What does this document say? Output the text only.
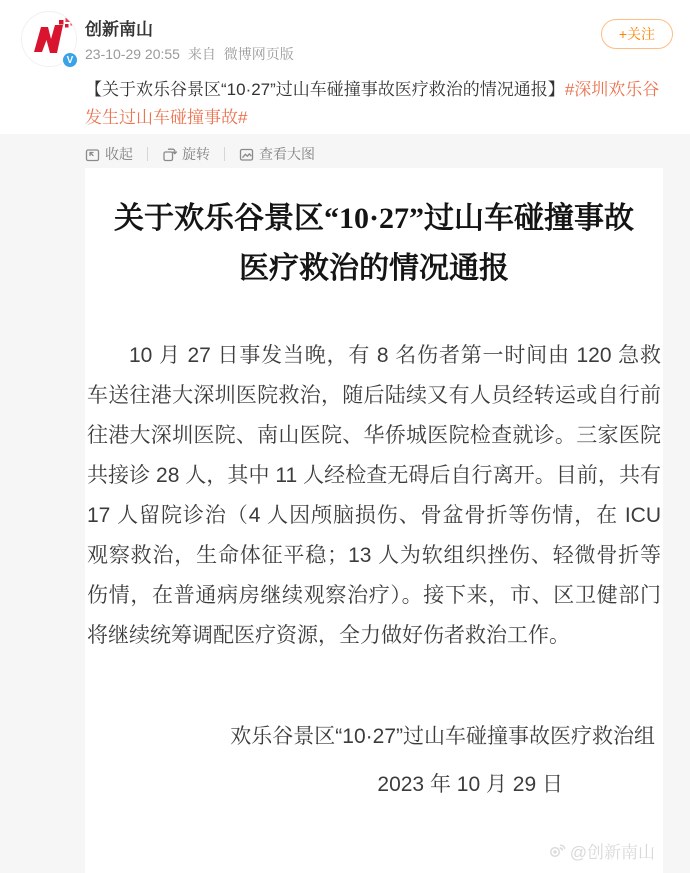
V
创新南山
23-10-29 20:55 来自 微博网页版
+关注
【关于欢乐谷景区“10·27”过山车碰撞事故医疗救治的情况通报】#深圳欢乐谷发生过山车碰撞事故#
收起	旋转	查看大图
关于欢乐谷景区“10·27”过山车碰撞事故
医疗救治的情况通报
10 月 27 日事发当晚，有 8 名伤者第一时间由 120 急救车送往港大深圳医院救治，随后陆续又有人员经转运或自行前往港大深圳医院、南山医院、华侨城医院检查就诊。三家医院共接诊 28 人，其中 11 人经检查无碍后自行离开。目前，共有 17 人留院诊治（4 人因颅脑损伤、骨盆骨折等伤情，在 ICU 观察救治，生命体征平稳；13 人为软组织挫伤、轻微骨折等伤情，在普通病房继续观察治疗）。接下来，市、区卫健部门将继续统筹调配医疗资源，全力做好伤者救治工作。
欢乐谷景区“10·27”过山车碰撞事故医疗救治组
2023 年 10 月 29 日
@创新南山
